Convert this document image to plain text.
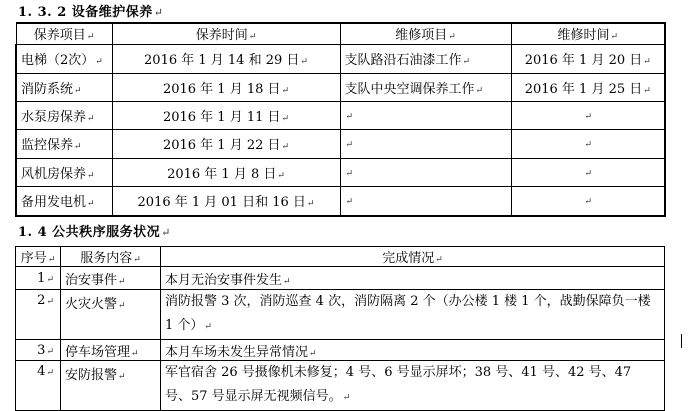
1. 3. 2 设备维护保养↵
保养项目↵	保养时间↵	维修项目↵	维修时间↵
电梯（2次）↵	2016 年 1 月 14 和 29 日↵	支队路沿石油漆工作↵	2016 年 1 月 20 日↵
消防系统↵	2016 年 1 月 18 日↵	支队中央空调保养工作↵	2016 年 1 月 25 日↵
水泵房保养↵	2016 年 1 月 11 日↵	↵	↵
监控保养↵	2016 年 1 月 22 日↵	↵	↵
风机房保养↵	2016 年 1 月 8 日↵	↵	↵
备用发电机↵	2016 年 1 月 01 日和 16 日↵	↵	↵
1. 4 公共秩序服务状况↵
序号↵	服务内容↵	完成情况↵
1↵	治安事件↵	本月无治安事件发生↵
2↵	火灾火警↵	消防报警 3 次，消防巡查 4 次，消防隔离 2 个（办公楼 1 楼 1 个，战勤保障负一楼 1 个）↵
3↵	停车场管理↵	本月车场未发生异常情况↵
4↵	安防报警↵	军官宿舍 26 号摄像机未修复；4 号、6 号显示屏坏；38 号、41 号、42 号、47 号、57 号显示屏无视频信号。↵
